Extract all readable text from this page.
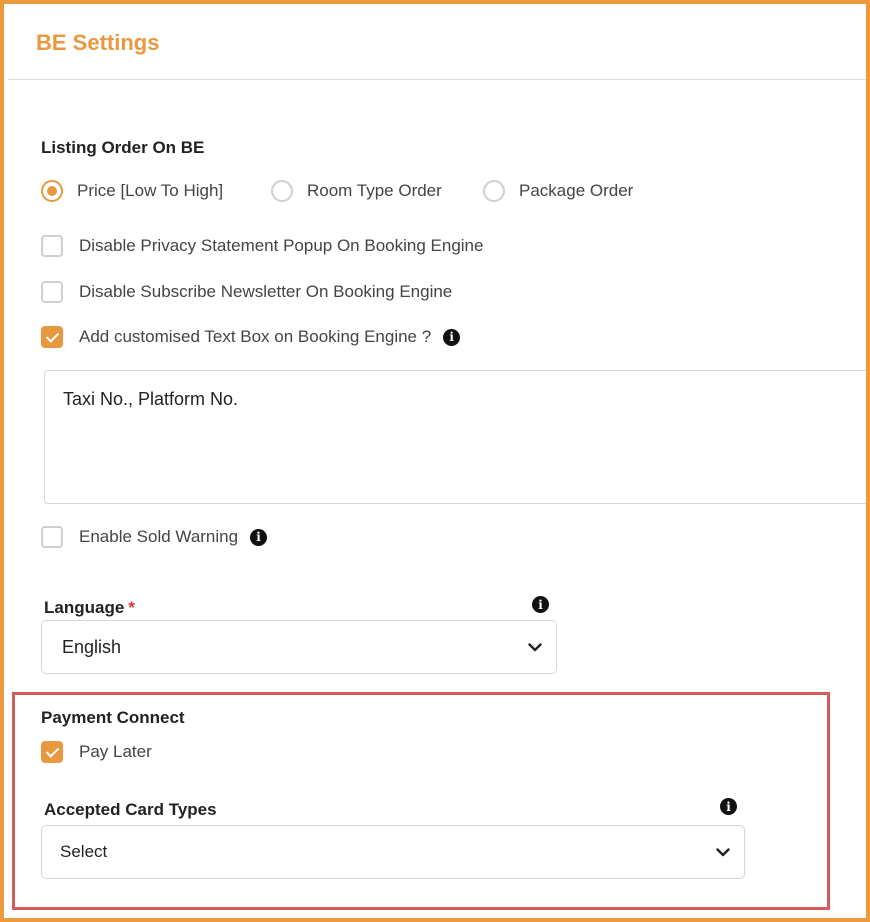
BE Settings
Listing Order On BE
Price [Low To High]	Room Type Order	Package Order
Disable Privacy Statement Popup On Booking Engine
Disable Subscribe Newsletter On Booking Engine
Add customised Text Box on Booking Engine ?	i
Taxi No., Platform No.
Enable Sold Warning	i
Language *	i
English
Payment Connect
Pay Later
Accepted Card Types	i
Select
